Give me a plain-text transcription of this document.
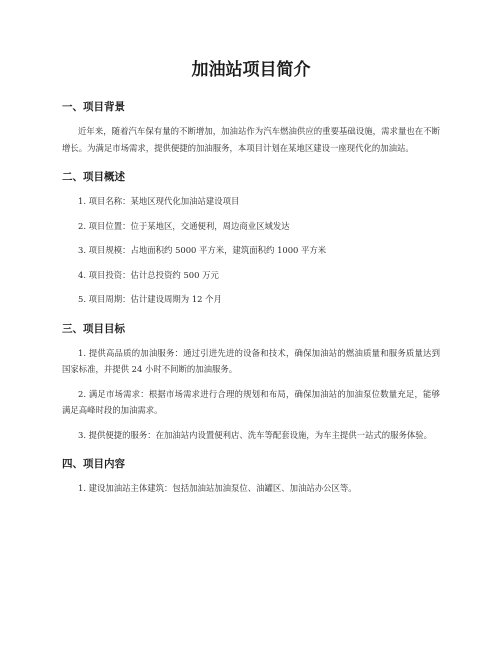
加油站项目简介
一、项目背景

近年来，随着汽车保有量的不断增加，加油站作为汽车燃油供应的重要基础设施，需求量也在不断增长。为满足市场需求，提供便捷的加油服务，本项目计划在某地区建设一座现代化的加油站。

二、项目概述
1. 项目名称：某地区现代化加油站建设项目
2. 项目位置：位于某地区，交通便利，周边商业区域发达
3. 项目规模：占地面积约 5000 平方米，建筑面积约 1000 平方米
4. 项目投资：估计总投资约 500 万元
5. 项目周期：估计建设周期为 12 个月
三、项目目标
1. 提供高品质的加油服务：通过引进先进的设备和技术，确保加油站的燃油质量和服务质量达到国家标准，并提供 24 小时不间断的加油服务。
2. 满足市场需求：根据市场需求进行合理的规划和布局，确保加油站的加油泵位数量充足，能够满足高峰时段的加油需求。
3. 提供便捷的服务：在加油站内设置便利店、洗车等配套设施，为车主提供一站式的服务体验。
四、项目内容
1. 建设加油站主体建筑：包括加油站加油泵位、油罐区、加油站办公区等。
